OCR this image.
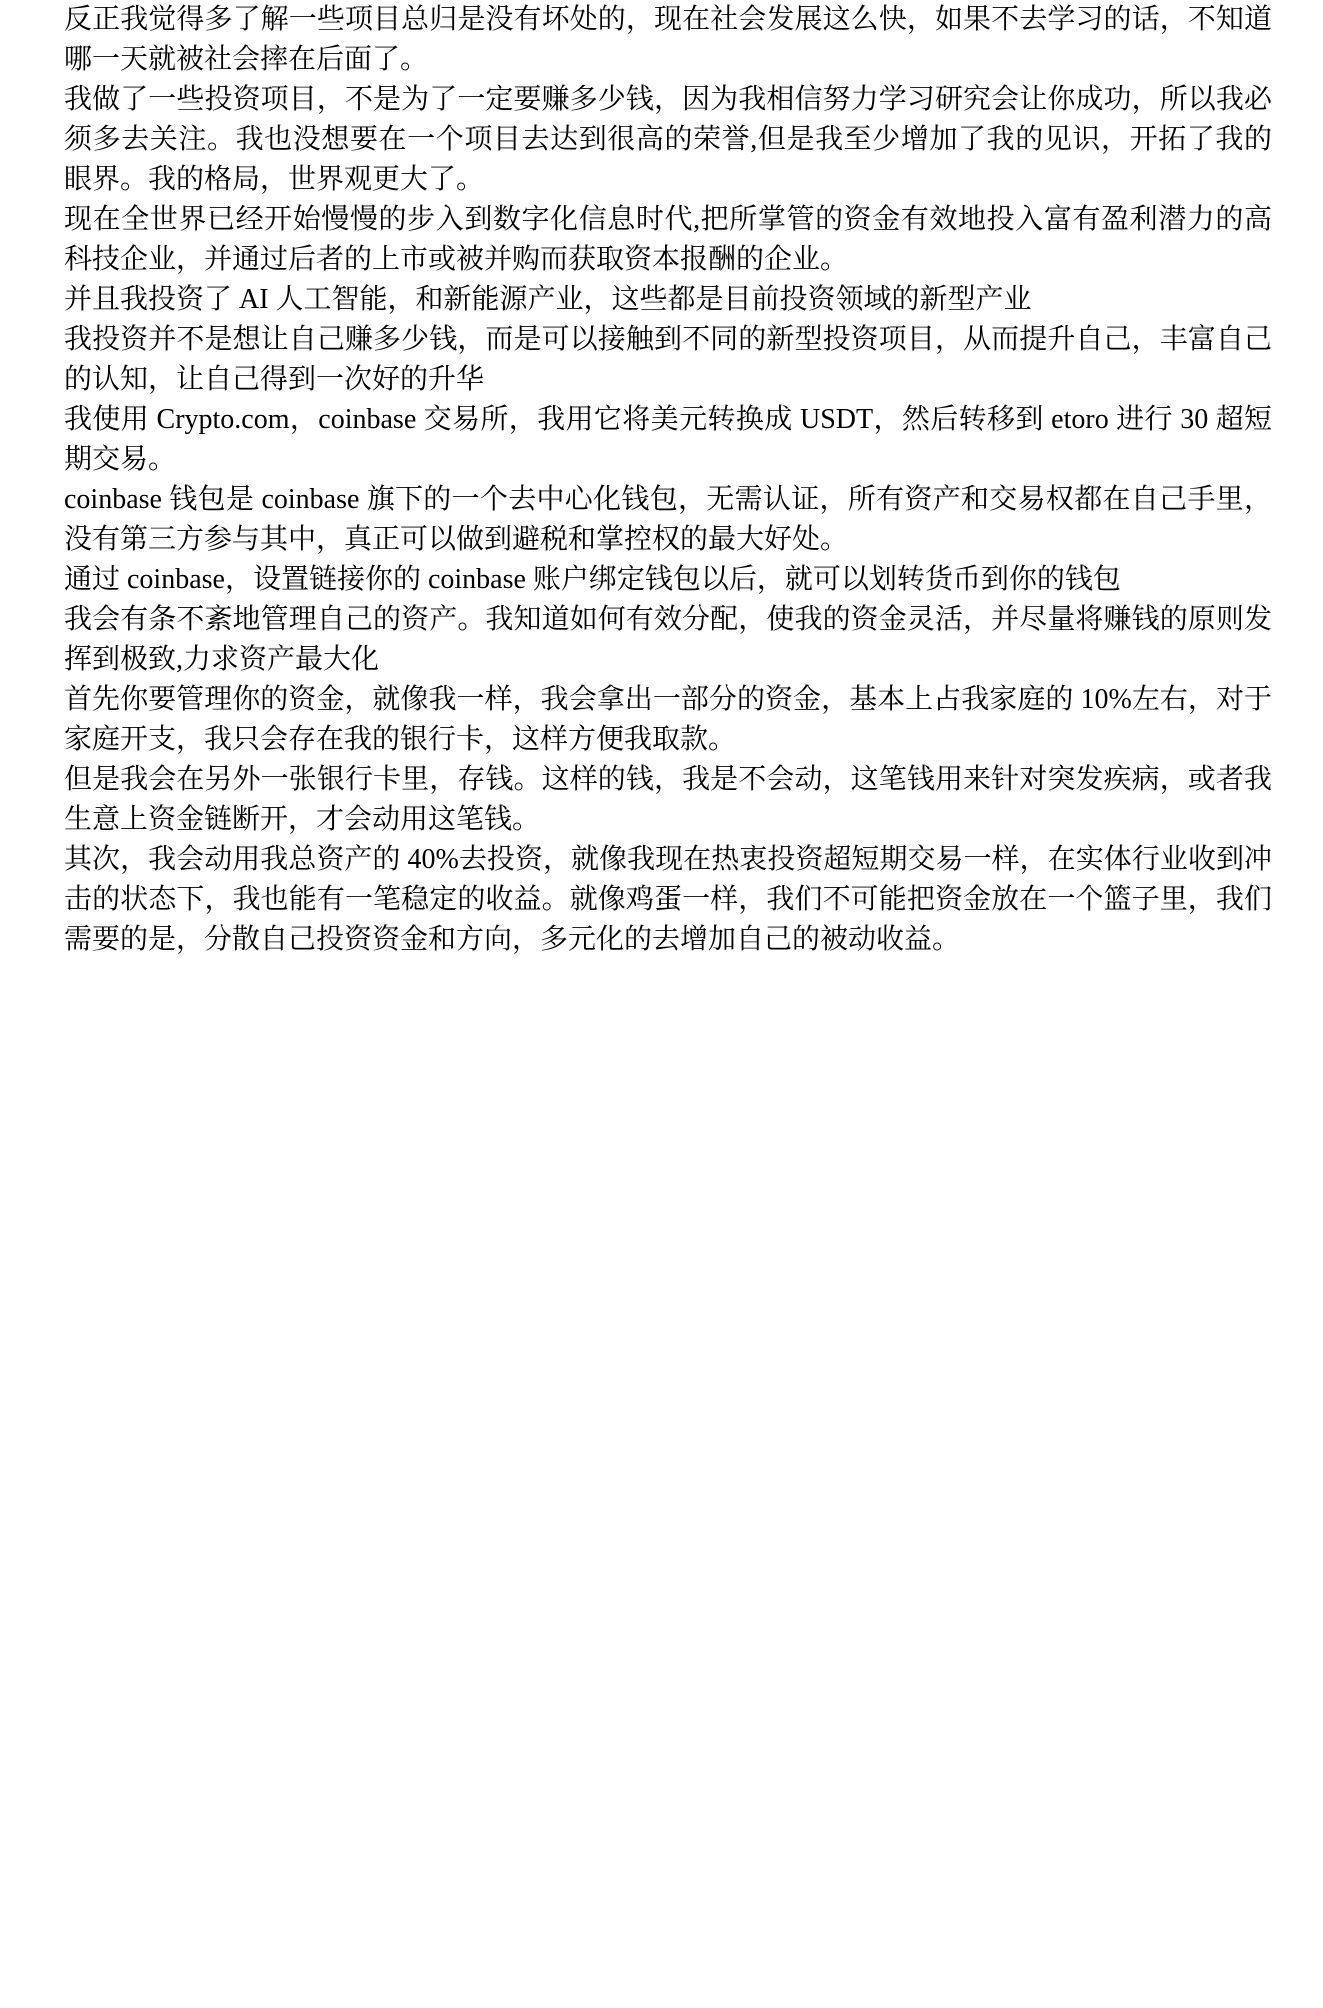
反正我觉得多了解一些项目总归是没有坏处的，现在社会发展这么快，如果不去学习的话，不知道哪一天就被社会摔在后面了。

我做了一些投资项目，不是为了一定要赚多少钱，因为我相信努力学习研究会让你成功，所以我必须多去关注。我也没想要在一个项目去达到很高的荣誉,但是我至少增加了我的见识，开拓了我的眼界。我的格局，世界观更大了。

现在全世界已经开始慢慢的步入到数字化信息时代,把所掌管的资金有效地投入富有盈利潜力的高科技企业，并通过后者的上市或被并购而获取资本报酬的企业。

并且我投资了 AI 人工智能，和新能源产业，这些都是目前投资领域的新型产业

我投资并不是想让自己赚多少钱，而是可以接触到不同的新型投资项目，从而提升自己，丰富自己的认知，让自己得到一次好的升华

我使用 Crypto.com，coinbase 交易所，我用它将美元转换成 USDT，然后转移到 etoro 进行 30 超短期交易。

coinbase 钱包是 coinbase 旗下的一个去中心化钱包，无需认证，所有资产和交易权都在自己手里，没有第三方参与其中，真正可以做到避税和掌控权的最大好处。

通过 coinbase，设置链接你的 coinbase 账户绑定钱包以后，就可以划转货币到你的钱包

我会有条不紊地管理自己的资产。我知道如何有效分配，使我的资金灵活，并尽量将赚钱的原则发挥到极致,力求资产最大化

首先你要管理你的资金，就像我一样，我会拿出一部分的资金，基本上占我家庭的 10%左右，对于家庭开支，我只会存在我的银行卡，这样方便我取款。

但是我会在另外一张银行卡里，存钱。这样的钱，我是不会动，这笔钱用来针对突发疾病，或者我生意上资金链断开，才会动用这笔钱。

其次，我会动用我总资产的 40%去投资，就像我现在热衷投资超短期交易一样，在实体行业收到冲击的状态下，我也能有一笔稳定的收益。就像鸡蛋一样，我们不可能把资金放在一个篮子里，我们需要的是，分散自己投资资金和方向，多元化的去增加自己的被动收益。
